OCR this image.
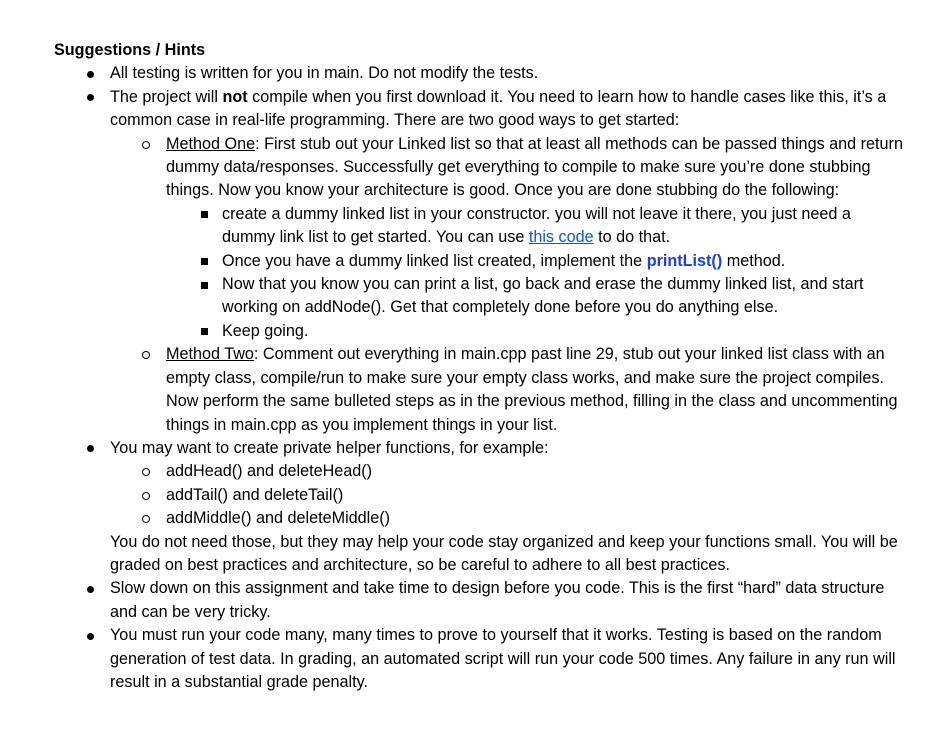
Suggestions / Hints

All testing is written for you in main. Do not modify the tests.
The project will not compile when you first download it. You need to learn how to handle cases like this, it’s a common case in real-life programming. There are two good ways to get started:
Method One: First stub out your Linked list so that at least all methods can be passed things and return dummy data/responses. Successfully get everything to compile to make sure you’re done stubbing things. Now you know your architecture is good. Once you are done stubbing do the following:
create a dummy linked list in your constructor. you will not leave it there, you just need a dummy link list to get started. You can use this code to do that.
Once you have a dummy linked list created, implement the printList() method.
Now that you know you can print a list, go back and erase the dummy linked list, and start working on addNode(). Get that completely done before you do anything else.
Keep going.
Method Two: Comment out everything in main.cpp past line 29, stub out your linked list class with an empty class, compile/run to make sure your empty class works, and make sure the project compiles. Now perform the same bulleted steps as in the previous method, filling in the class and uncommenting things in main.cpp as you implement things in your list.
You may want to create private helper functions, for example:
addHead() and deleteHead()
addTail() and deleteTail()
addMiddle() and deleteMiddle()
You do not need those, but they may help your code stay organized and keep your functions small. You will be graded on best practices and architecture, so be careful to adhere to all best practices.
Slow down on this assignment and take time to design before you code. This is the first “hard” data structure and can be very tricky.
You must run your code many, many times to prove to yourself that it works. Testing is based on the random generation of test data. In grading, an automated script will run your code 500 times. Any failure in any run will result in a substantial grade penalty.
